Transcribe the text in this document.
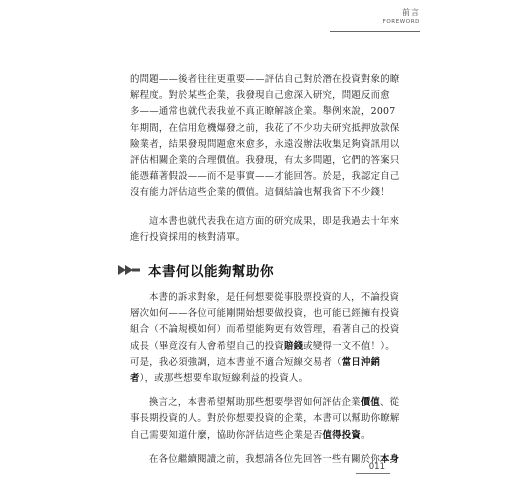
前言
FOREWORD

的問題——後者往往更重要——評估自己對於潛在投資對象的瞭
解程度。對於某些企業，我發現自己愈深入研究，問題反而愈
多——通常也就代表我並不真正瞭解該企業。舉例來說，2007
年期間，在信用危機爆發之前，我花了不少功夫研究抵押放款保
險業者，結果發現問題愈來愈多，永遠沒辦法收集足夠資訊用以
評估相關企業的合理價值。我發現，有太多問題，它們的答案只
能憑藉著假設——而不是事實——才能回答。於是，我認定自己
沒有能力評估這些企業的價值。這個結論也幫我省下不少錢！

這本書也就代表我在這方面的研究成果，即是我過去十年來
進行投資採用的核對清單。

本書何以能夠幫助你

本書的訴求對象，是任何想要從事股票投資的人，不論投資
層次如何——各位可能剛開始想要做投資，也可能已經擁有投資
組合（不論規模如何）而希望能夠更有效管理，看著自己的投資
成長（畢竟沒有人會希望自己的投資賠錢或變得一文不值！）。
可是，我必須強調，這本書並不適合短線交易者（當日沖銷
者），或那些想要牟取短線利益的投資人。

換言之，本書希望幫助那些想要學習如何評估企業價值、從
事長期投資的人。對於你想要投資的企業，本書可以幫助你瞭解
自己需要知道什麼，協助你評估這些企業是否值得投資。

在各位繼續閱讀之前，我想請各位先回答一些有關於你本身

011
